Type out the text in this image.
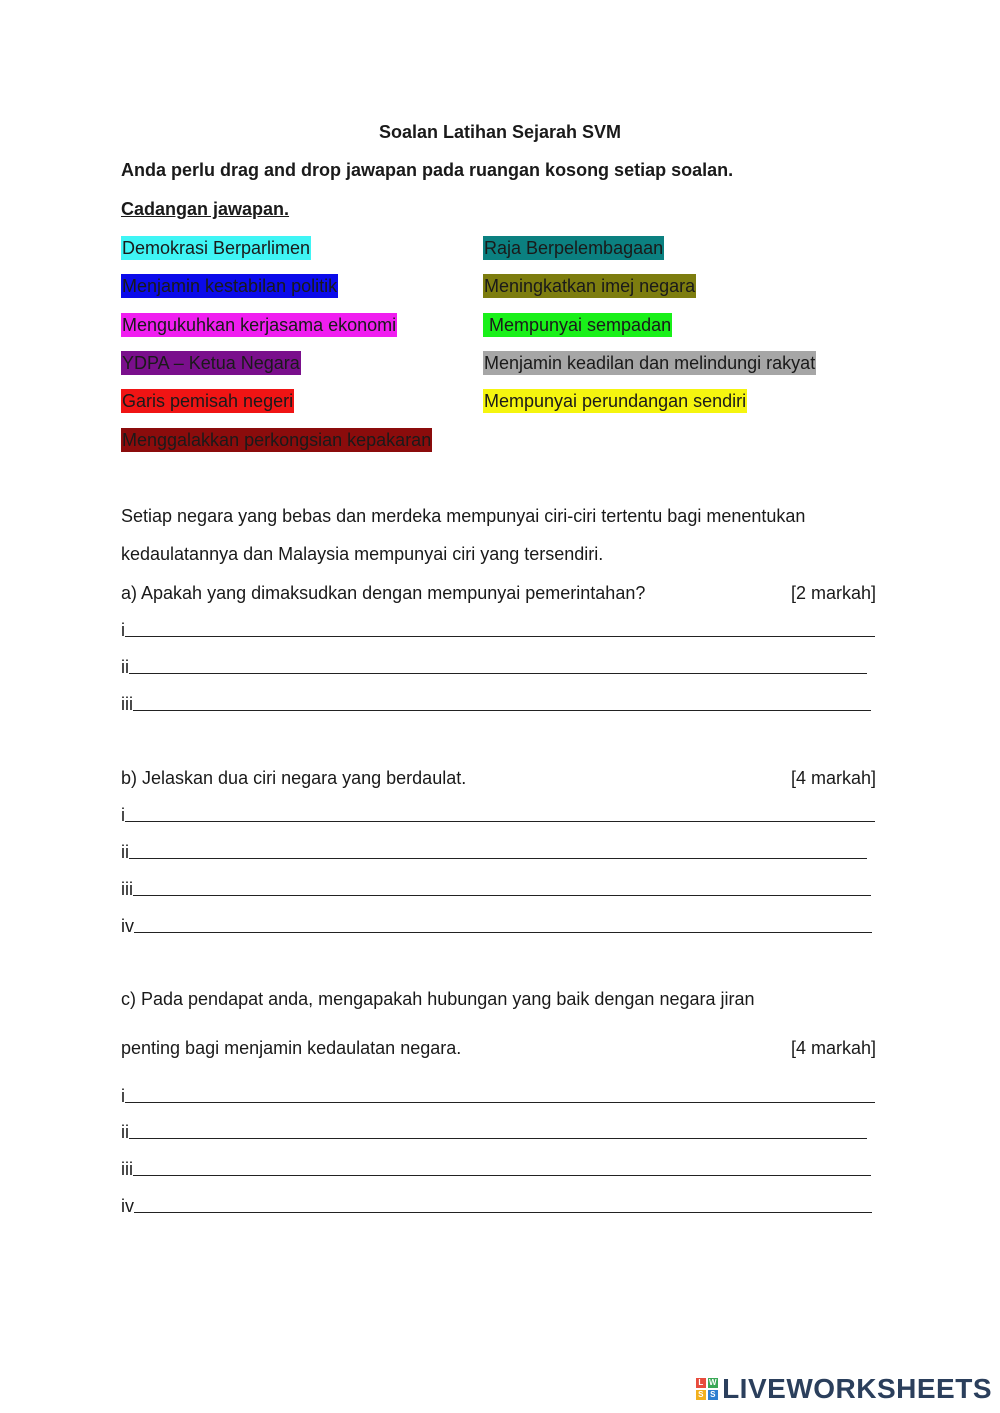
Soalan Latihan Sejarah SVM
Anda perlu drag and drop jawapan pada ruangan kosong setiap soalan.
Cadangan jawapan.
Demokrasi Berparlimen
Menjamin kestabilan politik
Mengukuhkan kerjasama ekonomi
YDPA – Ketua Negara
Garis pemisah negeri
Menggalakkan perkongsian kepakaran
Raja Berpelembagaan
Meningkatkan imej negara
Mempunyai sempadan
Menjamin keadilan dan melindungi rakyat
Mempunyai perundangan sendiri
Setiap negara yang bebas dan merdeka mempunyai ciri-ciri tertentu bagi menentukan
kedaulatannya dan Malaysia mempunyai ciri yang tersendiri.
a) Apakah yang dimaksudkan dengan mempunyai pemerintahan?	[2 markah]
i
ii
iii
b) Jelaskan dua ciri negara yang berdaulat.	[4 markah]
i
ii
iii
iv
c) Pada pendapat anda, mengapakah hubungan yang baik dengan negara jiran
penting bagi menjamin kedaulatan negara.	[4 markah]
i
ii
iii
iv
L W
S S LIVEWORKSHEETS
